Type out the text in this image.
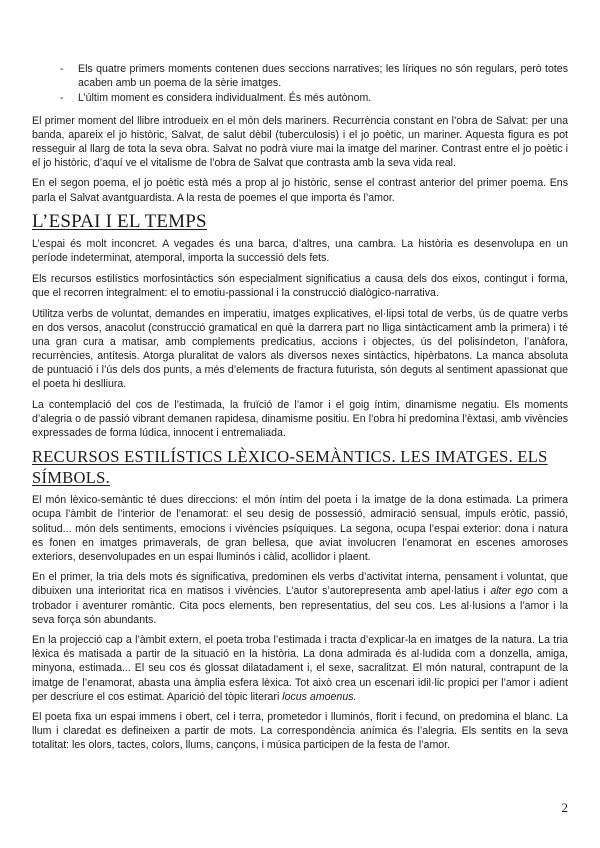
- Els quatre primers moments contenen dues seccions narratives; les líriques no són regulars, però totes acaben amb un poema de la sèrie imatges.
- L’últim moment es considera individualment. És més autònom.

El primer moment del llibre introdueix en el món dels mariners. Recurrència constant en l’obra de Salvat: per una banda, apareix el jo històric, Salvat, de salut dèbil (tuberculosis) i el jo poètic, un mariner. Aquesta figura es pot resseguir al llarg de tota la seva obra. Salvat no podrà viure mai la imatge del mariner. Contrast entre el jo poètic i el jo històric, d’aquí ve el vitalisme de l’obra de Salvat que contrasta amb la seva vida real.

En el segon poema, el jo poètic està més a prop al jo històric, sense el contrast anterior del primer poema. Ens parla el Salvat avantguardista. A la resta de poemes el que importa és l’amor.

L’ESPAI I EL TEMPS

L’espai és molt inconcret. A vegades és una barca, d’altres, una cambra. La història es desenvolupa en un període indeterminat, atemporal, importa la successió dels fets.

Els recursos estilístics morfosintàctics són especialment significatius a causa dels dos eixos, contingut i forma, que el recorren integralment: el to emotiu-passional i la construcció dialògico-narrativa.

Utilitza verbs de voluntat, demandes en imperatiu, imatges explicatives, el·lipsi total de verbs, ús de quatre verbs en dos versos, anacolut (construcció gramatical en què la darrera part no lliga sintàcticament amb la primera) i té una gran cura a matisar, amb complements predicatius, accions i objectes, ús del polisíndeton, l’anàfora, recurrències, antítesis. Atorga pluralitat de valors als diversos nexes sintàctics, hipèrbatons. La manca absoluta de puntuació i l’ús dels dos punts, a més d’elements de fractura futurista, són deguts al sentiment apassionat que el poeta hi deslliura.

La contemplació del cos de l’estimada, la fruïció de l’amor i el goig íntim, dinamisme negatiu. Els moments d’alegria o de passió vibrant demanen rapidesa, dinamisme positiu. En l’obra hi predomina l’èxtasi, amb vivències expressades de forma lúdica, innocent i entremaliada.

RECURSOS ESTILÍSTICS LÈXICO-SEMÀNTICS. LES IMATGES. ELS
SÍMBOLS.

El món lèxico-semàntic té dues direccions: el món íntim del poeta i la imatge de la dona estimada. La primera ocupa l’àmbit de l’interior de l’enamorat: el seu desig de possessió, admiració sensual, impuls eròtic, passió, solitud... món dels sentiments, emocions i vivències psíquiques. La segona, ocupa l’espai exterior: dona i natura es fonen en imatges primaverals, de gran bellesa, que aviat involucren l’enamorat en escenes amoroses exteriors, desenvolupades en un espai lluminós i càlid, acollidor i plaent.

En el primer, la tria dels mots és significativa, predominen els verbs d’activitat interna, pensament i voluntat, que dibuixen una interioritat rica en matisos i vivències. L’autor s’autorepresenta amb apel·latius i alter ego com a trobador i aventurer romàntic. Cita pocs elements, ben representatius, del seu cos. Les al·lusions a l’amor i la seva força són abundants.

En la projecció cap a l’àmbit extern, el poeta troba l’estimada i tracta d’explicar-la en imatges de la natura. La tria lèxica és matisada a partir de la situació en la història. La dona admirada és al·ludida com a donzella, amiga, minyona, estimada... El seu cos és glossat dilatadament i, el sexe, sacralitzat. El món natural, contrapunt de la imatge de l’enamorat, abasta una àmplia esfera lèxica. Tot això crea un escenari idil·lic propici per l’amor i adient per descriure el cos estimat. Aparició del tòpic literari locus amoenus.

El poeta fixa un espai immens i obert, cel i terra, prometedor i lluminós, florit i fecund, on predomina el blanc. La llum i claredat es defineixen a partir de mots. La correspondència anímica és l’alegria. Els sentits en la seva totalitat: les olors, tactes, colors, llums, cançons, i música participen de la festa de l’amor.

2
